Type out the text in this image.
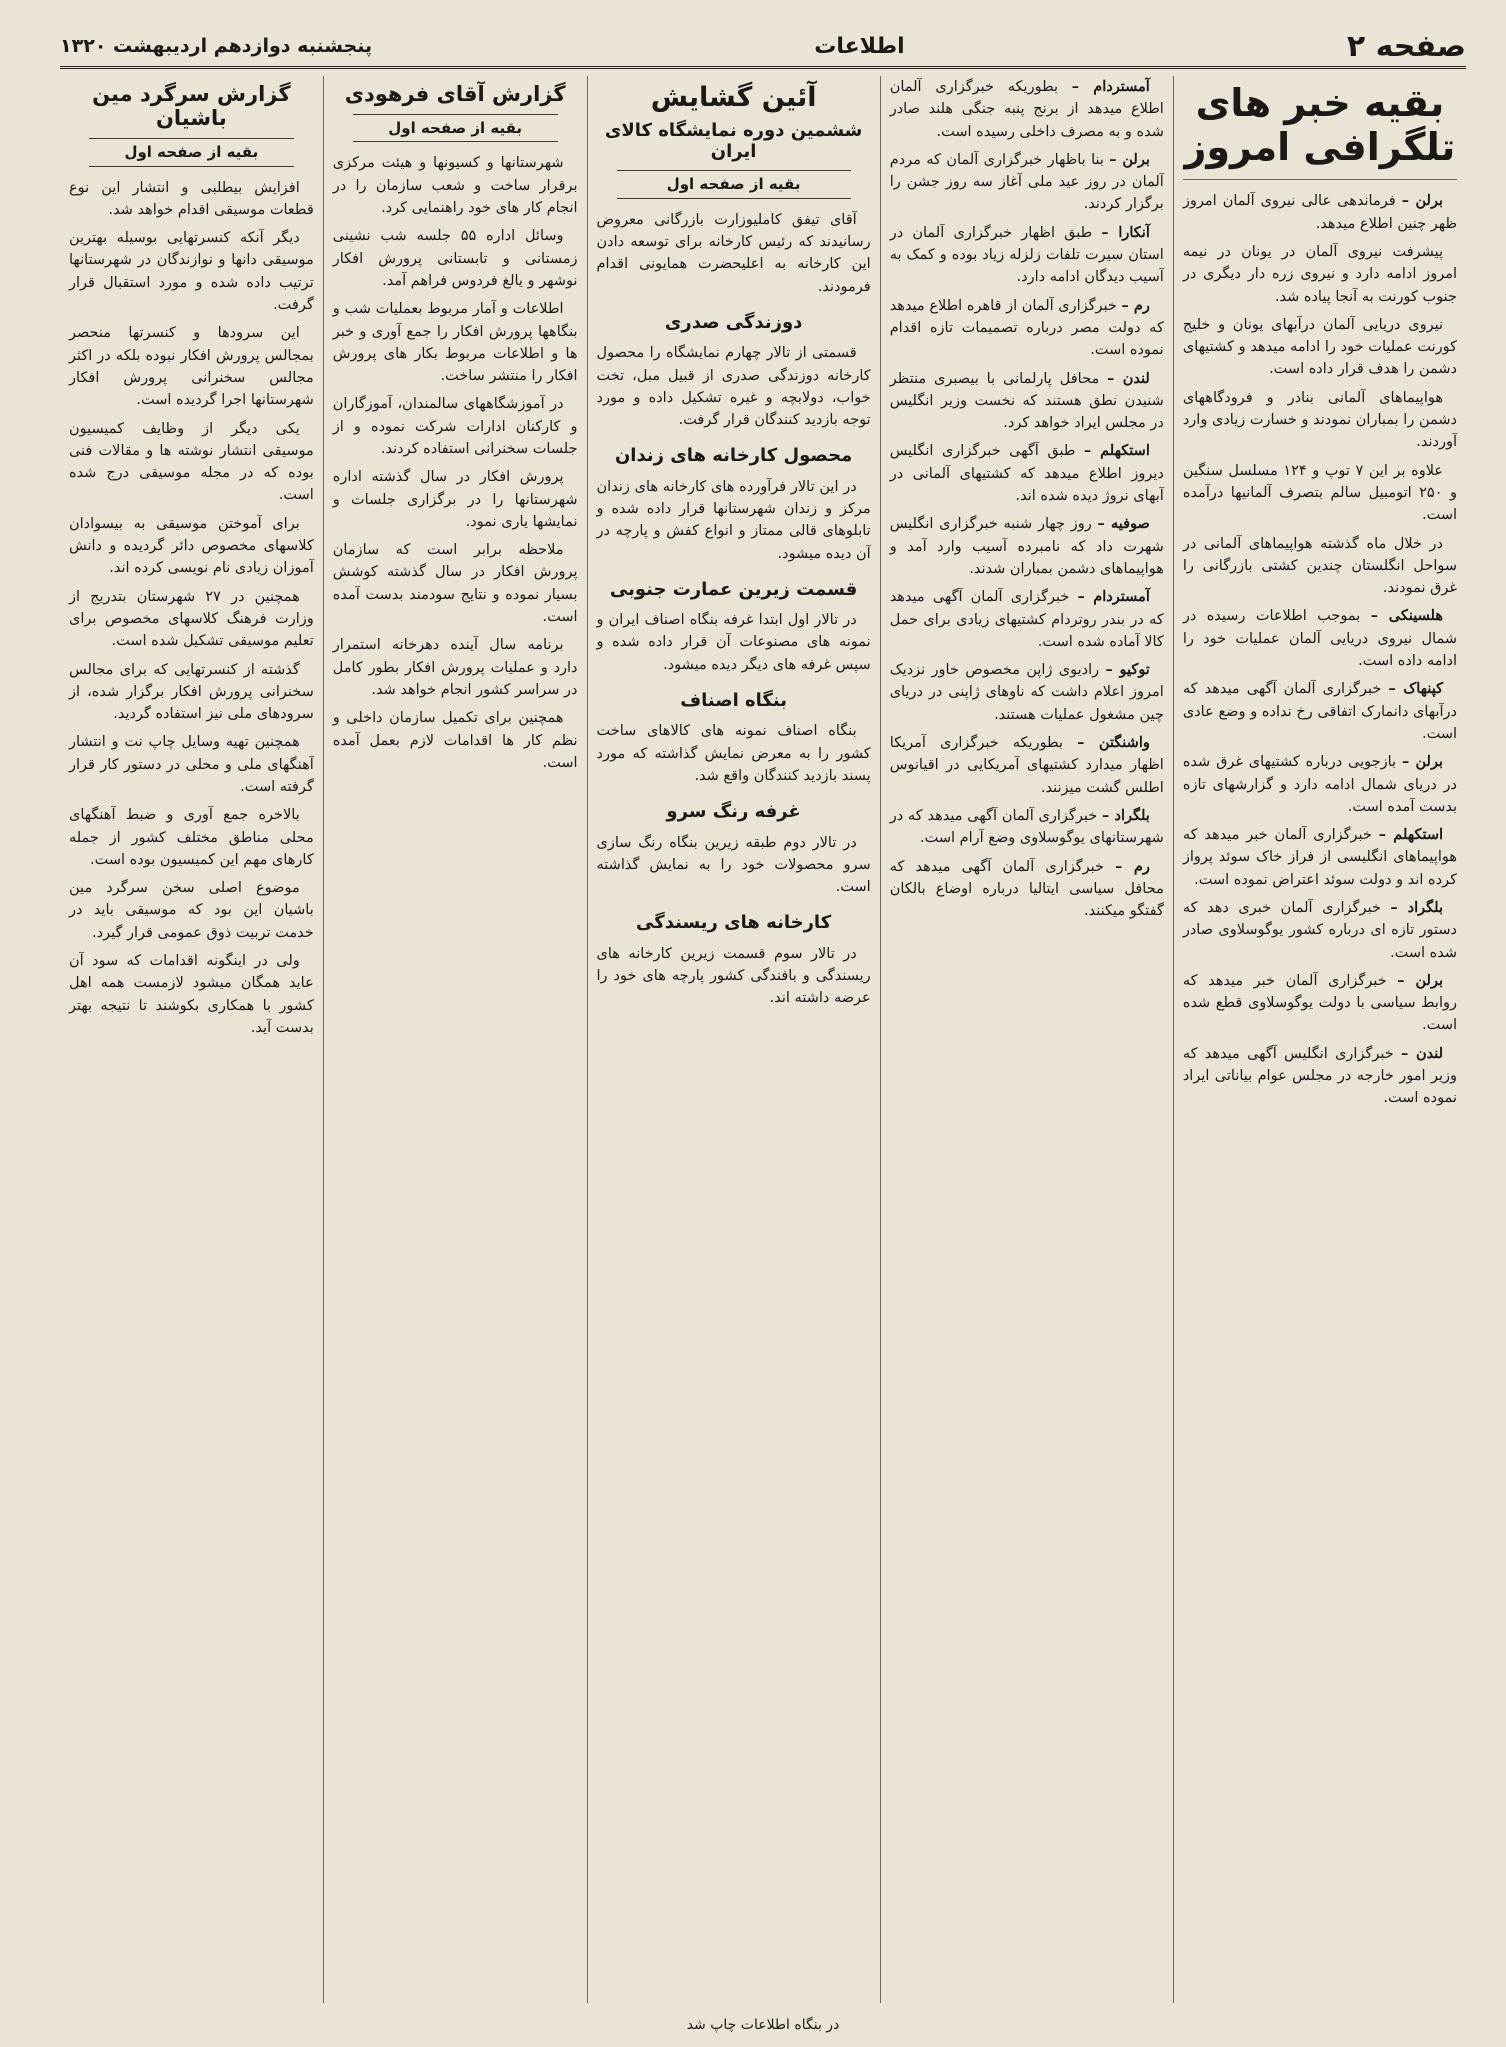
صفحه ۲
اطلاعات
پنجشنبه دوازدهم اردیبهشت ۱۳۲۰
بقیه خبر های تلگرافی امروز

برلن – فرماندهی عالی نیروی آلمان امروز ظهر چنین اطلاع میدهد.

پیشرفت نیروی آلمان در یونان در نیمه امروز ادامه دارد و نیروی زره دار دیگری در جنوب کورنت به آنجا پیاده شد.

نیروی دریایی آلمان درآبهای یونان و خلیج کورنت عملیات خود را ادامه میدهد و کشتیهای دشمن را هدف قرار داده است.

هواپیماهای آلمانی بنادر و فرودگاههای دشمن را بمباران نمودند و خسارت زیادی وارد آوردند.

علاوه بر این ۷ توپ و ۱۲۴ مسلسل سنگین و ۲۵۰ اتومبیل سالم بتصرف آلمانیها درآمده است.

در خلال ماه گذشته هواپیماهای آلمانی در سواحل انگلستان چندین کشتی بازرگانی را غرق نمودند.

هلسینکی – بموجب اطلاعات رسیده در شمال نیروی دریایی آلمان عملیات خود را ادامه داده است.

کپنهاک – خبرگزاری آلمان آگهی میدهد که درآبهای دانمارک اتفاقی رخ نداده و وضع عادی است.

برلن – بازجویی درباره کشتیهای غرق شده در دریای شمال ادامه دارد و گزارشهای تازه بدست آمده است.

استکهلم – خبرگزاری آلمان خبر میدهد که هواپیماهای انگلیسی از فراز خاک سوئد پرواز کرده اند و دولت سوئد اعتراض نموده است.

بلگراد – خبرگزاری آلمان خبری دهد که دستور تازه ای درباره کشور یوگوسلاوی صادر شده است.

برلن – خبرگزاری آلمان خبر میدهد که روابط سیاسی با دولت یوگوسلاوی قطع شده است.

لندن – خبرگزاری انگلیس آگهی میدهد که وزیر امور خارجه در مجلس عوام بیاناتی ایراد نموده است.

آمستردام – بطوریکه خبرگزاری آلمان اطلاع میدهد از برنج پنبه جنگی هلند صادر شده و به مصرف داخلی رسیده است.

برلن – بنا باظهار خبرگزاری آلمان که مردم آلمان در روز عید ملی آغاز سه روز جشن را برگزار کردند.

آنکارا – طبق اظهار خبرگزاری آلمان در استان سیرت تلفات زلزله زیاد بوده و کمک به آسیب دیدگان ادامه دارد.

رم – خبرگزاری آلمان از قاهره اطلاع میدهد که دولت مصر درباره تصمیمات تازه اقدام نموده است.

لندن – محافل پارلمانی با بیصبری منتظر شنیدن نطق هستند که نخست وزیر انگلیس در مجلس ایراد خواهد کرد.

استکهلم – طبق آگهی خبرگزاری انگلیس دیروز اطلاع میدهد که کشتیهای آلمانی در آبهای نروژ دیده شده اند.

صوفیه – روز چهار شنبه خبرگزاری انگلیس شهرت داد که نامبرده آسیب وارد آمد و هواپیماهای دشمن بمباران شدند.

آمستردام – خبرگزاری آلمان آگهی میدهد که در بندر روتردام کشتیهای زیادی برای حمل کالا آماده شده است.

توکیو – رادیوی ژاپن مخصوص خاور نزدیک امروز اعلام داشت که ناوهای ژاپنی در دریای چین مشغول عملیات هستند.

واشنگتن – بطوریکه خبرگزاری آمریکا اظهار میدارد کشتیهای آمریکایی در اقیانوس اطلس گشت میزنند.

بلگراد – خبرگزاری آلمان آگهی میدهد که در شهرستانهای یوگوسلاوی وضع آرام است.

رم – خبرگزاری آلمان آگهی میدهد که محافل سیاسی ایتالیا درباره اوضاع بالکان گفتگو میکنند.

آئین گشایش
ششمین دوره نمایشگاه کالای ایران
بقیه از صفحه اول

آقای تیفق کاملیوزارت بازرگانی معروض رسانیدند که رئیس کارخانه برای توسعه دادن این کارخانه به اعلیحضرت همایونی اقدام فرمودند.

دوزندگی صدری

قسمتی از تالار چهارم نمایشگاه را محصول کارخانه دوزندگی صدری از قبیل مبل، تخت خواب، دولابچه و غیره تشکیل داده و مورد توجه بازدید کنندگان قرار گرفت.

محصول کارخانه های زندان

در این تالار فرآورده های کارخانه های زندان مرکز و زندان شهرستانها قرار داده شده و تابلوهای قالی ممتاز و انواع کفش و پارچه در آن دیده میشود.

قسمت زیرین عمارت جنوبی

در تالار اول ابتدا غرفه بنگاه اصناف ایران و نمونه های مصنوعات آن قرار داده شده و سپس غرفه های دیگر دیده میشود.

بنگاه اصناف

بنگاه اصناف نمونه های کالاهای ساخت کشور را به معرض نمایش گذاشته که مورد پسند بازدید کنندگان واقع شد.

غرفه رنگ سرو

در تالار دوم طبقه زیرین بنگاه رنگ سازی سرو محصولات خود را به نمایش گذاشته است.

کارخانه های ریسندگی

در تالار سوم قسمت زیرین کارخانه های ریسندگی و بافندگی کشور پارچه های خود را عرضه داشته اند.

گزارش آقای فرهودی
بقیه از صفحه اول

شهرستانها و کسیونها و هیئت مرکزی برقرار ساخت و شعب سازمان را در انجام کار های خود راهنمایی کرد.

وسائل اداره ۵۵ جلسه شب نشینی زمستانی و تابستانی پرورش افکار نوشهر و یالغ فردوس فراهم آمد.

اطلاعات و آمار مربوط بعملیات شب و بنگاهها پرورش افکار را جمع آوری و خبر ها و اطلاعات مربوط بکار های پرورش افکار را منتشر ساخت.

در آموزشگاههای سالمندان، آموزگاران و کارکنان ادارات شرکت نموده و از جلسات سخنرانی استفاده کردند.

پرورش افکار در سال گذشته اداره شهرستانها را در برگزاری جلسات و نمایشها یاری نمود.

ملاحظه برابر است که سازمان پرورش افکار در سال گذشته کوشش بسیار نموده و نتایج سودمند بدست آمده است.

برنامه سال آینده دهرخانه استمرار دارد و عملیات پرورش افکار بطور کامل در سراسر کشور انجام خواهد شد.

همچنین برای تکمیل سازمان داخلی و نظم کار ها اقدامات لازم بعمل آمده است.

گزارش سرگرد مین باشیان
بقیه از صفحه اول

افزایش بیطلبی و انتشار این نوع قطعات موسیقی اقدام خواهد شد.

دیگر آنکه کنسرتهایی بوسیله بهترین موسیقی دانها و نوازندگان در شهرستانها ترتیب داده شده و مورد استقبال قرار گرفت.

این سرودها و کنسرتها منحصر بمجالس پرورش افکار نبوده بلکه در اکثر مجالس سخنرانی پرورش افکار شهرستانها اجرا گردیده است.

یکی دیگر از وظایف کمیسیون موسیقی انتشار نوشته ها و مقالات فنی بوده که در مجله موسیقی درج شده است.

برای آموختن موسیقی به بیسوادان کلاسهای مخصوص دائر گردیده و دانش آموزان زیادی نام نویسی کرده اند.

همچنین در ۲۷ شهرستان بتدریج از وزارت فرهنگ کلاسهای مخصوص برای تعلیم موسیقی تشکیل شده است.

گذشته از کنسرتهایی که برای مجالس سخنرانی پرورش افکار برگزار شده، از سرودهای ملی نیز استفاده گردید.

همچنین تهیه وسایل چاپ نت و انتشار آهنگهای ملی و محلی در دستور کار قرار گرفته است.

بالاخره جمع آوری و ضبط آهنگهای محلی مناطق مختلف کشور از جمله کارهای مهم این کمیسیون بوده است.

موضوع اصلی سخن سرگرد مین باشیان این بود که موسیقی باید در خدمت تربیت ذوق عمومی قرار گیرد.

ولی در اینگونه اقدامات که سود آن عاید همگان میشود لازمست همه اهل کشور با همکاری بکوشند تا نتیجه بهتر بدست آید.

در بنگاه اطلاعات چاپ شد
